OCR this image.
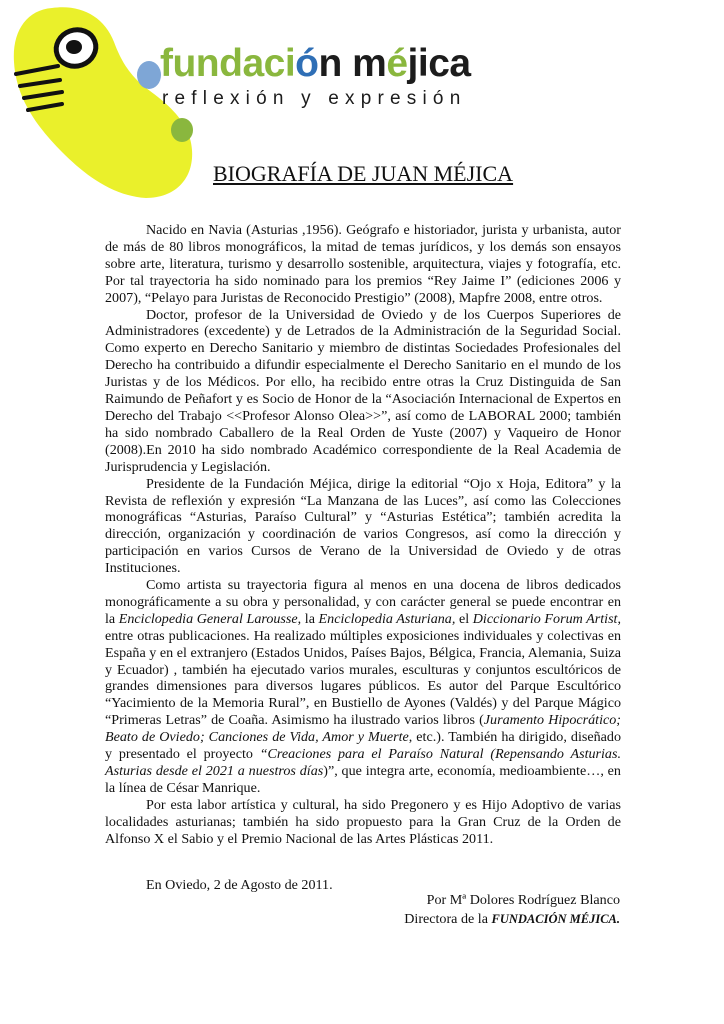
fundación méjica
reflexión y expresión
BIOGRAFÍA DE JUAN MÉJICA

Nacido en Navia (Asturias ,1956). Geógrafo e historiador, jurista y urbanista, autor de más de 80 libros monográficos, la mitad de temas jurídicos, y los demás son ensayos sobre arte, literatura, turismo y desarrollo sostenible, arquitectura, viajes y fotografía, etc. Por tal trayectoria ha sido nominado para los premios “Rey Jaime I” (ediciones 2006 y 2007), “Pelayo para Juristas de Reconocido Prestigio” (2008), Mapfre 2008, entre otros.

Doctor, profesor de la Universidad de Oviedo y de los Cuerpos Superiores de Administradores (excedente) y de Letrados de la Administración de la Seguridad Social. Como experto en Derecho Sanitario y miembro de distintas Sociedades Profesionales del Derecho ha contribuido a difundir especialmente el Derecho Sanitario en el mundo de los Juristas y de los Médicos. Por ello, ha recibido entre otras la Cruz Distinguida de San Raimundo de Peñafort y es Socio de Honor de la “Asociación Internacional de Expertos en Derecho del Trabajo <<Profesor Alonso Olea>>”, así como de LABORAL 2000; también ha sido nombrado Caballero de la Real Orden de Yuste (2007) y Vaqueiro de Honor (2008).En 2010 ha sido nombrado Académico correspondiente de la Real Academia de Jurisprudencia y Legislación.

Presidente de la Fundación Méjica, dirige la editorial “Ojo x Hoja, Editora” y la Revista de reflexión y expresión “La Manzana de las Luces”, así como las Colecciones monográficas “Asturias, Paraíso Cultural” y “Asturias Estética”; también acredita la dirección, organización y coordinación de varios Congresos, así como la dirección y participación en varios Cursos de Verano de la Universidad de Oviedo y de otras Instituciones.

Como artista su trayectoria figura al menos en una docena de libros dedicados monográficamente a su obra y personalidad, y con carácter general se puede encontrar en la Enciclopedia General Larousse, la Enciclopedia Asturiana, el Diccionario Forum Artist, entre otras publicaciones. Ha realizado múltiples exposiciones individuales y colectivas en España y en el extranjero (Estados Unidos, Países Bajos, Bélgica, Francia, Alemania, Suiza y Ecuador) , también ha ejecutado varios murales, esculturas y conjuntos escultóricos de grandes dimensiones para diversos lugares públicos. Es autor del Parque Escultórico “Yacimiento de la Memoria Rural”, en Bustiello de Ayones (Valdés) y del Parque Mágico “Primeras Letras” de Coaña. Asimismo ha ilustrado varios libros (Juramento Hipocrático; Beato de Oviedo; Canciones de Vida, Amor y Muerte, etc.). También ha dirigido, diseñado y presentado el proyecto “Creaciones para el Paraíso Natural (Repensando Asturias. Asturias desde el 2021 a nuestros días)”, que integra arte, economía, medioambiente…, en la línea de César Manrique.

Por esta labor artística y cultural, ha sido Pregonero y es Hijo Adoptivo de varias localidades asturianas; también ha sido propuesto para la Gran Cruz de la Orden de Alfonso X el Sabio y el Premio Nacional de las Artes Plásticas 2011.

En Oviedo, 2 de Agosto de 2011.
Por Mª Dolores Rodríguez Blanco
Directora de la FUNDACIÓN MÉJICA.
